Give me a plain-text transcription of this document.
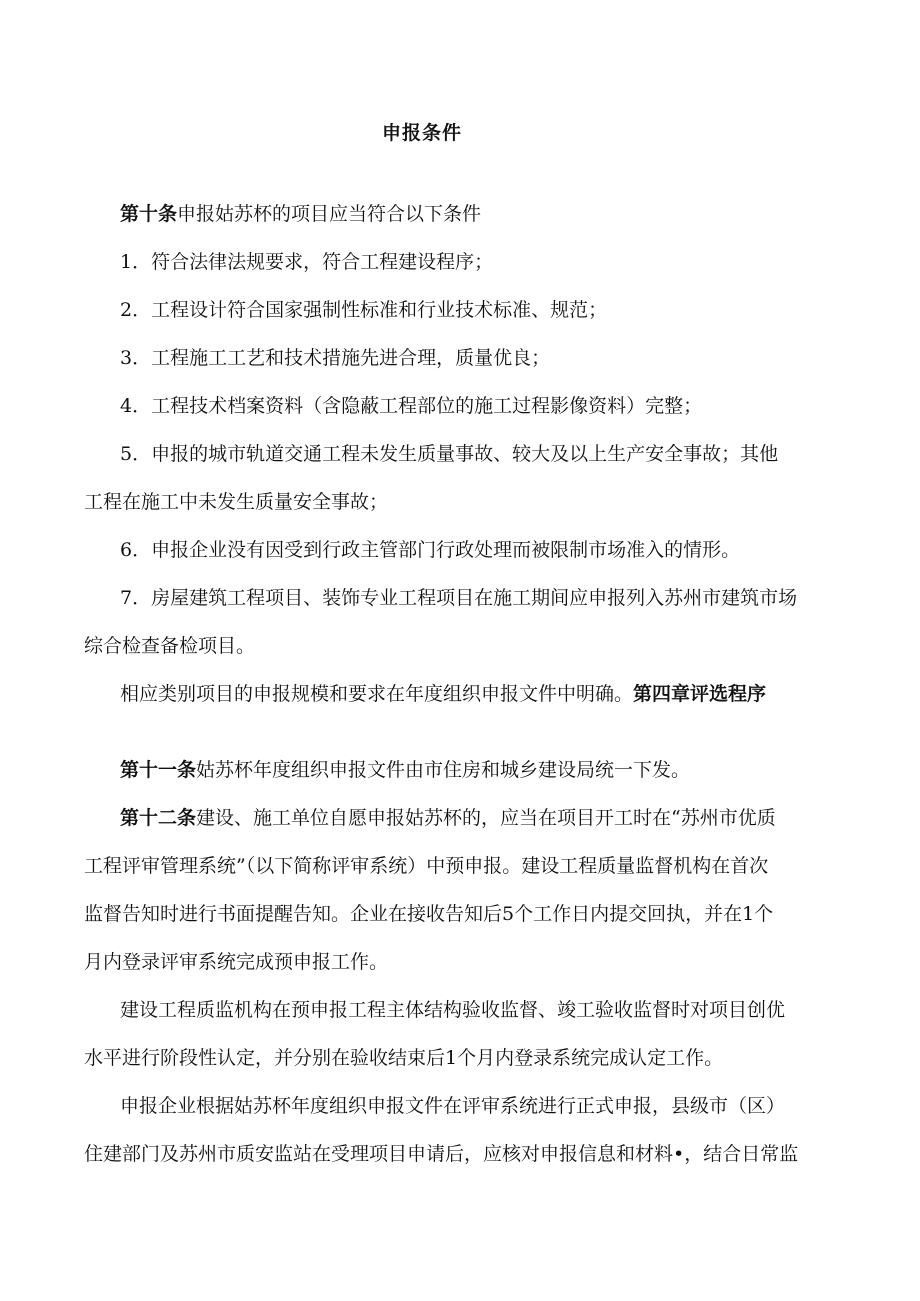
申报条件
第十条申报姑苏杯的项目应当符合以下条件
1．符合法律法规要求，符合工程建设程序；
2．工程设计符合国家强制性标准和行业技术标准、规范；
3．工程施工工艺和技术措施先进合理，质量优良；
4．工程技术档案资料（含隐蔽工程部位的施工过程影像资料）完整；
5．申报的城市轨道交通工程未发生质量事故、较大及以上生产安全事故；其他
工程在施工中未发生质量安全事故；
6．申报企业没有因受到行政主管部门行政处理而被限制市场准入的情形。
7．房屋建筑工程项目、装饰专业工程项目在施工期间应申报列入苏州市建筑市场
综合检查备检项目。
相应类别项目的申报规模和要求在年度组织申报文件中明确。第四章评选程序
第十一条姑苏杯年度组织申报文件由市住房和城乡建设局统一下发。
第十二条建设、施工单位自愿申报姑苏杯的，应当在项目开工时在“苏州市优质
工程评审管理系统”（以下简称评审系统）中预申报。建设工程质量监督机构在首次
监督告知时进行书面提醒告知。企业在接收告知后5个工作日内提交回执，并在1个
月内登录评审系统完成预申报工作。
建设工程质监机构在预申报工程主体结构验收监督、竣工验收监督时对项目创优
水平进行阶段性认定，并分别在验收结束后1个月内登录系统完成认定工作。
申报企业根据姑苏杯年度组织申报文件在评审系统进行正式申报，县级市（区）
住建部门及苏州市质安监站在受理项目申请后，应核对申报信息和材料•，结合日常监
